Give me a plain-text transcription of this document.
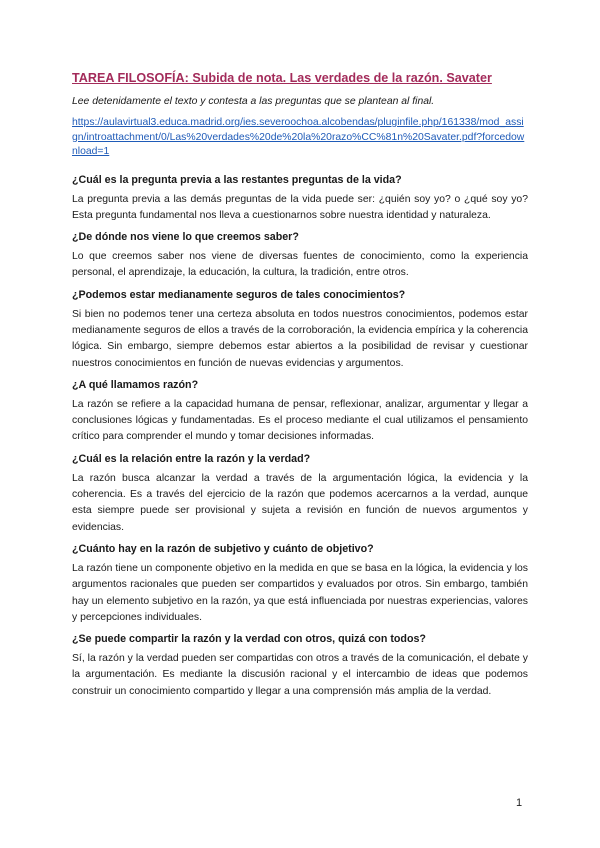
TAREA FILOSOFÍA: Subida de nota. Las verdades de la razón. Savater

Lee detenidamente el texto y contesta a las preguntas que se plantean al final.

https://aulavirtual3.educa.madrid.org/ies.severoochoa.alcobendas/pluginfile.php/161338/mod_assign/introattachment/0/Las%20verdades%20de%20la%20razo%CC%81n%20Savater.pdf?forcedownload=1

¿Cuál es la pregunta previa a las restantes preguntas de la vida?

La pregunta previa a las demás preguntas de la vida puede ser: ¿quién soy yo? o ¿qué soy yo? Esta pregunta fundamental nos lleva a cuestionarnos sobre nuestra identidad y naturaleza.

¿De dónde nos viene lo que creemos saber?

Lo que creemos saber nos viene de diversas fuentes de conocimiento, como la experiencia personal, el aprendizaje, la educación, la cultura, la tradición, entre otros.

¿Podemos estar medianamente seguros de tales conocimientos?

Si bien no podemos tener una certeza absoluta en todos nuestros conocimientos, podemos estar medianamente seguros de ellos a través de la corroboración, la evidencia empírica y la coherencia lógica. Sin embargo, siempre debemos estar abiertos a la posibilidad de revisar y cuestionar nuestros conocimientos en función de nuevas evidencias y argumentos.

¿A qué llamamos razón?

La razón se refiere a la capacidad humana de pensar, reflexionar, analizar, argumentar y llegar a conclusiones lógicas y fundamentadas. Es el proceso mediante el cual utilizamos el pensamiento crítico para comprender el mundo y tomar decisiones informadas.

¿Cuál es la relación entre la razón y la verdad?

La razón busca alcanzar la verdad a través de la argumentación lógica, la evidencia y la coherencia. Es a través del ejercicio de la razón que podemos acercarnos a la verdad, aunque esta siempre puede ser provisional y sujeta a revisión en función de nuevos argumentos y evidencias.

¿Cuánto hay en la razón de subjetivo y cuánto de objetivo?

La razón tiene un componente objetivo en la medida en que se basa en la lógica, la evidencia y los argumentos racionales que pueden ser compartidos y evaluados por otros. Sin embargo, también hay un elemento subjetivo en la razón, ya que está influenciada por nuestras experiencias, valores y percepciones individuales.

¿Se puede compartir la razón y la verdad con otros, quizá con todos?

Sí, la razón y la verdad pueden ser compartidas con otros a través de la comunicación, el debate y la argumentación. Es mediante la discusión racional y el intercambio de ideas que podemos construir un conocimiento compartido y llegar a una comprensión más amplia de la verdad.

1
